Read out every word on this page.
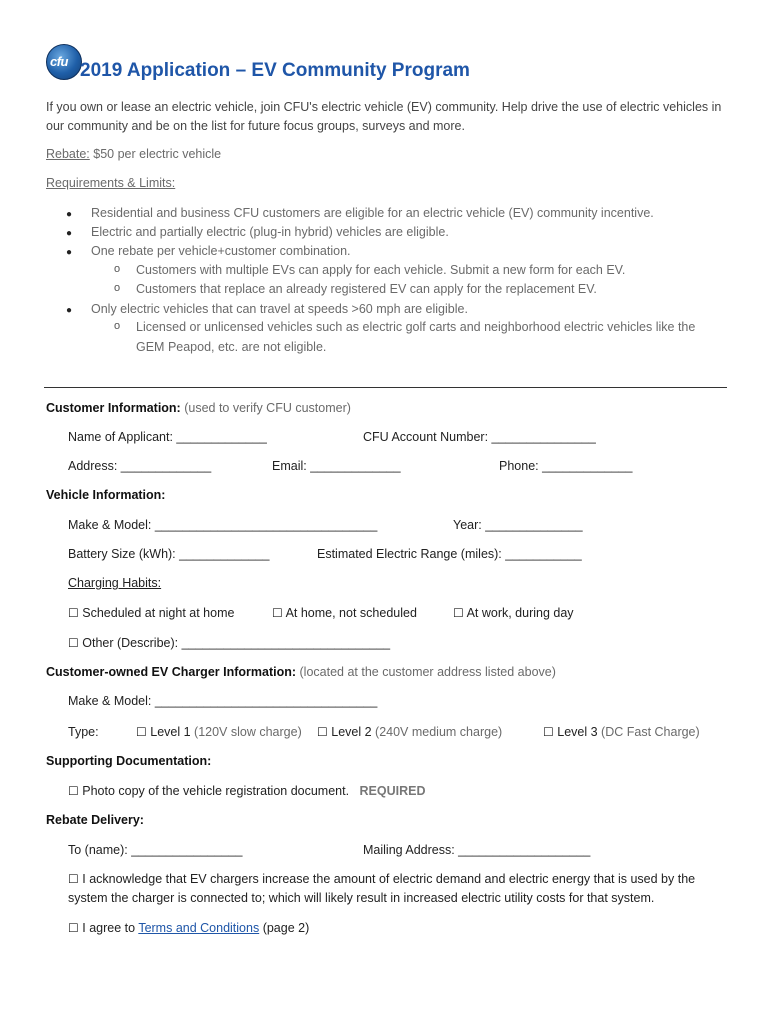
cfu 2019 Application – EV Community Program
If you own or lease an electric vehicle, join CFU's electric vehicle (EV) community. Help drive the use of electric vehicles in our community and be on the list for future focus groups, surveys and more.
Rebate: $50 per electric vehicle
Requirements & Limits:
● Residential and business CFU customers are eligible for an electric vehicle (EV) community incentive.
● Electric and partially electric (plug-in hybrid) vehicles are eligible.
● One rebate per vehicle+customer combination.
o Customers with multiple EVs can apply for each vehicle. Submit a new form for each EV.
o Customers that replace an already registered EV can apply for the replacement EV.
● Only electric vehicles that can travel at speeds >60 mph are eligible.
o Licensed or unlicensed vehicles such as electric golf carts and neighborhood electric vehicles like the
GEM Peapod, etc. are not eligible.
Customer Information: (used to verify CFU customer)
Name of Applicant: _____________	CFU Account Number: _______________
Address: _____________	Email: _____________	Phone: _____________
Vehicle Information:
Make & Model: ________________________________	Year: ______________
Battery Size (kWh): _____________	Estimated Electric Range (miles): ___________
Charging Habits:
☐ Scheduled at night at home	☐ At home, not scheduled	☐ At work, during day
☐ Other (Describe): ______________________________
Customer-owned EV Charger Information: (located at the customer address listed above)
Make & Model: ________________________________
Type:	☐ Level 1 (120V slow charge) ☐ Level 2 (240V medium charge)	☐ Level 3 (DC Fast Charge)
Supporting Documentation:
☐ Photo copy of the vehicle registration document. REQUIRED
Rebate Delivery:
To (name): ________________	Mailing Address: ___________________
☐ I acknowledge that EV chargers increase the amount of electric demand and electric energy that is used by the
system the charger is connected to; which will likely result in increased electric utility costs for that system.
☐ I agree to Terms and Conditions (page 2)
